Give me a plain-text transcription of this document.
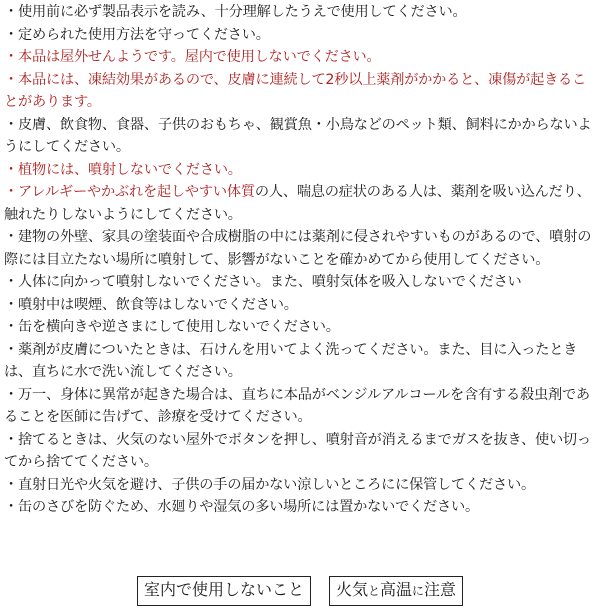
・使用前に必ず製品表示を読み、十分理解したうえで使用してください。

・定められた使用方法を守ってください。

・本品は屋外せんようです。屋内で使用しないでください。

・本品には、凍結効果があるので、皮膚に連続して2秒以上薬剤がかかると、凍傷が起きることがあります。

・皮膚、飲食物、食器、子供のおもちゃ、観賞魚・小鳥などのペット類、飼料にかからないようにしてください。

・植物には、噴射しないでください。

・アレルギーやかぶれを起しやすい体質の人、喘息の症状のある人は、薬剤を吸い込んだり、触れたりしないようにしてください。

・建物の外壁、家具の塗装面や合成樹脂の中には薬剤に侵されやすいものがあるので、噴射の際には目立たない場所に噴射して、影響がないことを確かめてから使用してください。

・人体に向かって噴射しないでください。また、噴射気体を吸入しないでください

・噴射中は喫煙、飲食等はしないでください。

・缶を横向きや逆さまにして使用しないでください。

・薬剤が皮膚についたときは、石けんを用いてよく洗ってください。また、目に入ったときは、直ちに水で洗い流してください。

・万一、身体に異常が起きた場合は、直ちに本品がベンジルアルコールを含有する殺虫剤であることを医師に告げて、診療を受けてください。

・捨てるときは、火気のない屋外でボタンを押し、噴射音が消えるまでガスを抜き、使い切ってから捨ててください。

・直射日光や火気を避け、子供の手の届かない涼しいところにに保管してください。

・缶のさびを防ぐため、水廻りや湿気の多い場所には置かないでください。

室内で使用しないこと	火気と高温に注意
